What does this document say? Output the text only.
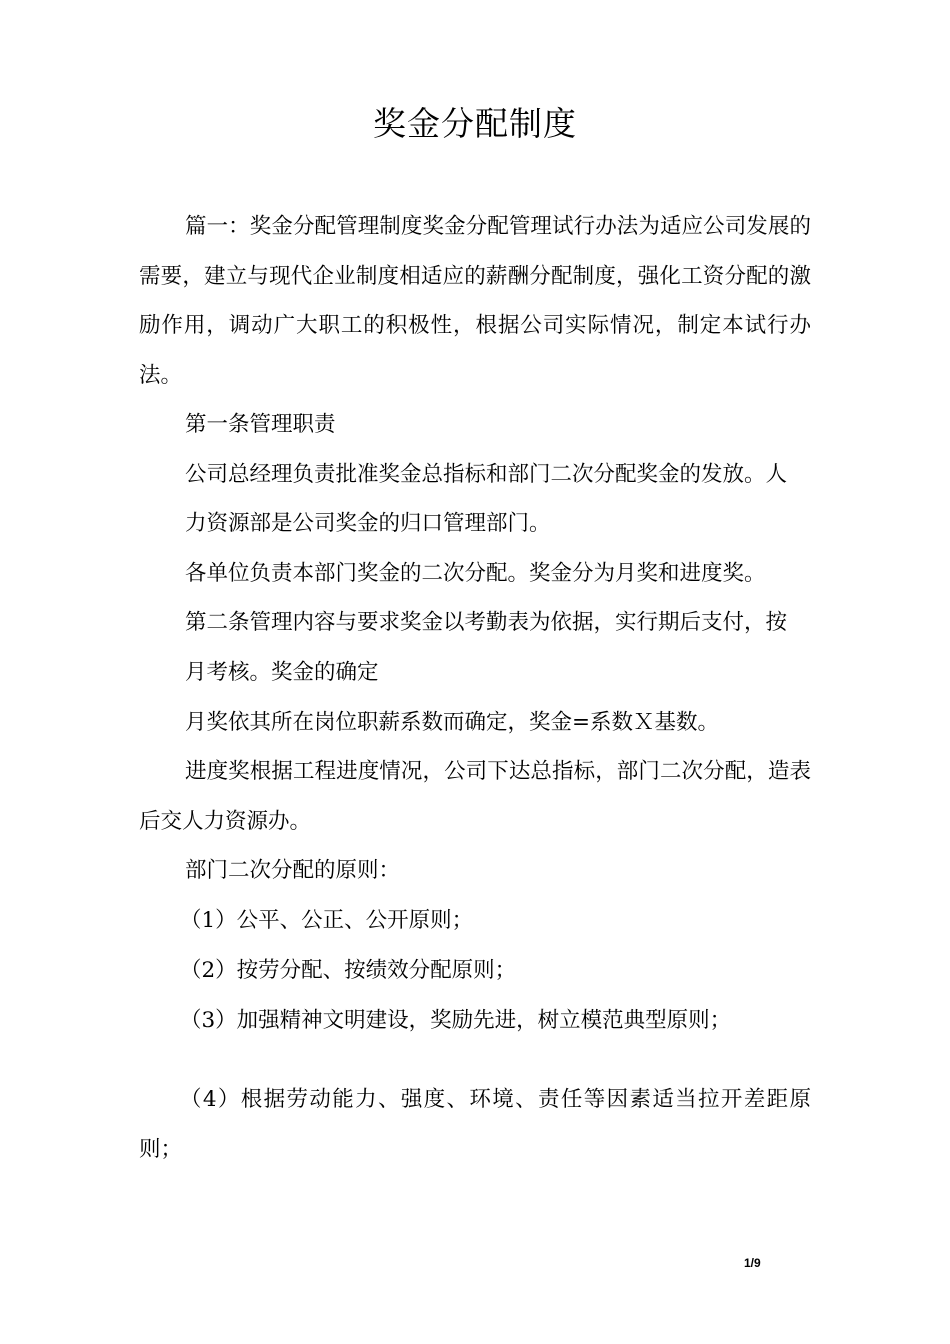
奖金分配制度

篇一：奖金分配管理制度奖金分配管理试行办法为适应公司发展的需要，建立与现代企业制度相适应的薪酬分配制度，强化工资分配的激励作用，调动广大职工的积极性，根据公司实际情况，制定本试行办法。

第一条管理职责

公司总经理负责批准奖金总指标和部门二次分配奖金的发放。人

力资源部是公司奖金的归口管理部门。

各单位负责本部门奖金的二次分配。奖金分为月奖和进度奖。

第二条管理内容与要求奖金以考勤表为依据，实行期后支付，按

月考核。奖金的确定

月奖依其所在岗位职薪系数而确定，奖金=系数Ｘ基数。

进度奖根据工程进度情况，公司下达总指标，部门二次分配，造表后交人力资源办。

部门二次分配的原则：

（1）公平、公正、公开原则；

（2）按劳分配、按绩效分配原则；

（3）加强精神文明建设，奖励先进，树立模范典型原则；

（4）根据劳动能力、强度、环境、责任等因素适当拉开差距原则；

1/9
